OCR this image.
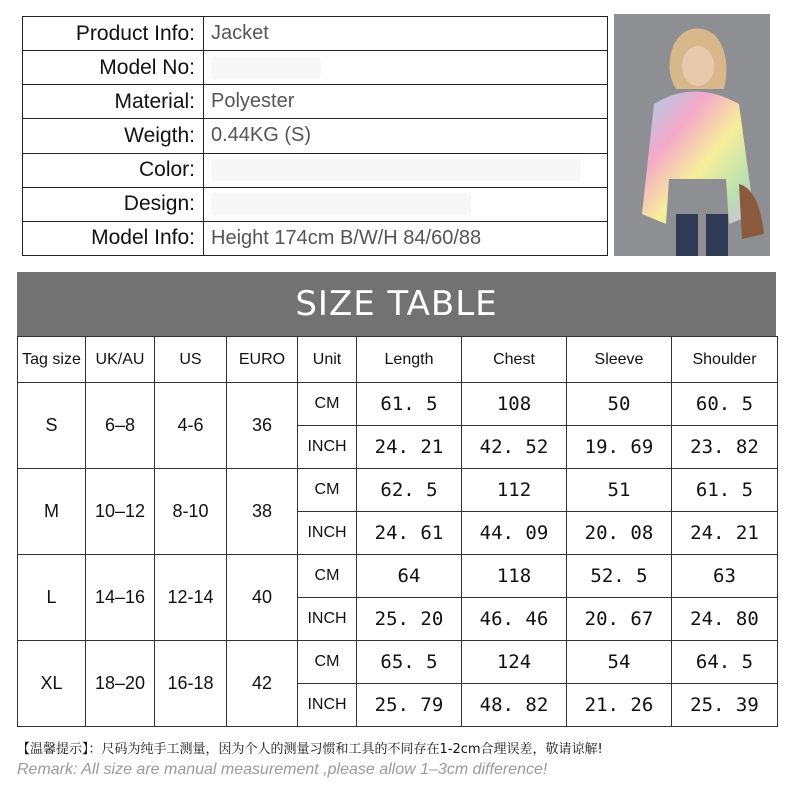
Product Info:	Jacket
Model No:	
Material:	Polyester
Weigth:	0.44KG (S)
Color:	
Design:	
Model Info:	Height 174cm B/W/H 84/60/88
SIZE TABLE
Tag size	UK/AU	US	EURO	Unit	Length	Chest	Sleeve	Shoulder
S	6–8	4-6	36	CM	61. 5	108	50	60. 5
				INCH	24. 21	42. 52	19. 69	23. 82
M	10–12	8-10	38	CM	62. 5	112	51	61. 5
				INCH	24. 61	44. 09	20. 08	24. 21
L	14–16	12-14	40	CM	64	118	52. 5	63
				INCH	25. 20	46. 46	20. 67	24. 80
XL	18–20	16-18	42	CM	65. 5	124	54	64. 5
				INCH	25. 79	48. 82	21. 26	25. 39
【温馨提示】：尺码为纯手工测量，因为个人的测量习惯和工具的不同存在1-2cm合理误差，敬请谅解!
Remark: All size are manual measurement ,please allow 1–3cm difference!
